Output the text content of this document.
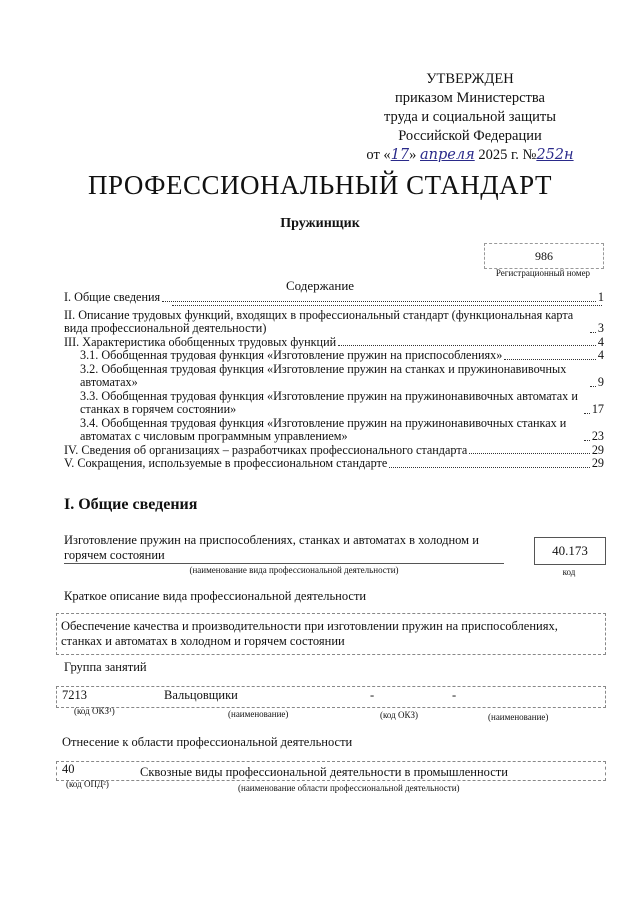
УТВЕРЖДЕН
приказом Министерства
труда и социальной защиты
Российской Федерации
от «17» апреля 2025 г. №252н
ПРОФЕССИОНАЛЬНЫЙ СТАНДАРТ
Пружинщик
986
Регистрационный номер
Содержание
I. Общие сведения	1
II. Описание трудовых функций, входящих в профессиональный стандарт (функциональная карта вида профессиональной деятельности)	3
III. Характеристика обобщенных трудовых функций	4
3.1. Обобщенная трудовая функция «Изготовление пружин на приспособлениях»	4
3.2. Обобщенная трудовая функция «Изготовление пружин на станках и пружинонавивочных автоматах»	9
3.3. Обобщенная трудовая функция «Изготовление пружин на пружинонавивочных автоматах и станках в горячем состоянии»	17
3.4. Обобщенная трудовая функция «Изготовление пружин на пружинонавивочных станках и автоматах с числовым программным управлением»	23
IV. Сведения об организациях – разработчиках профессионального стандарта	29
V. Сокращения, используемые в профессиональном стандарте	29
I. Общие сведения
Изготовление пружин на приспособлениях, станках и автоматах в холодном и горячем состоянии
(наименование вида профессиональной деятельности)
40.173
код
Краткое описание вида профессиональной деятельности
Обеспечение качества и производительности при изготовлении пружин на приспособлениях, станках и автоматах в холодном и горячем состоянии
Группа занятий
7213	Вальцовщики	-	-
(код ОКЗ¹)	(наименование)	(код ОКЗ)	(наименование)
Отнесение к области профессиональной деятельности
40	Сквозные виды профессиональной деятельности в промышленности
(код ОПД²)	(наименование области профессиональной деятельности)
